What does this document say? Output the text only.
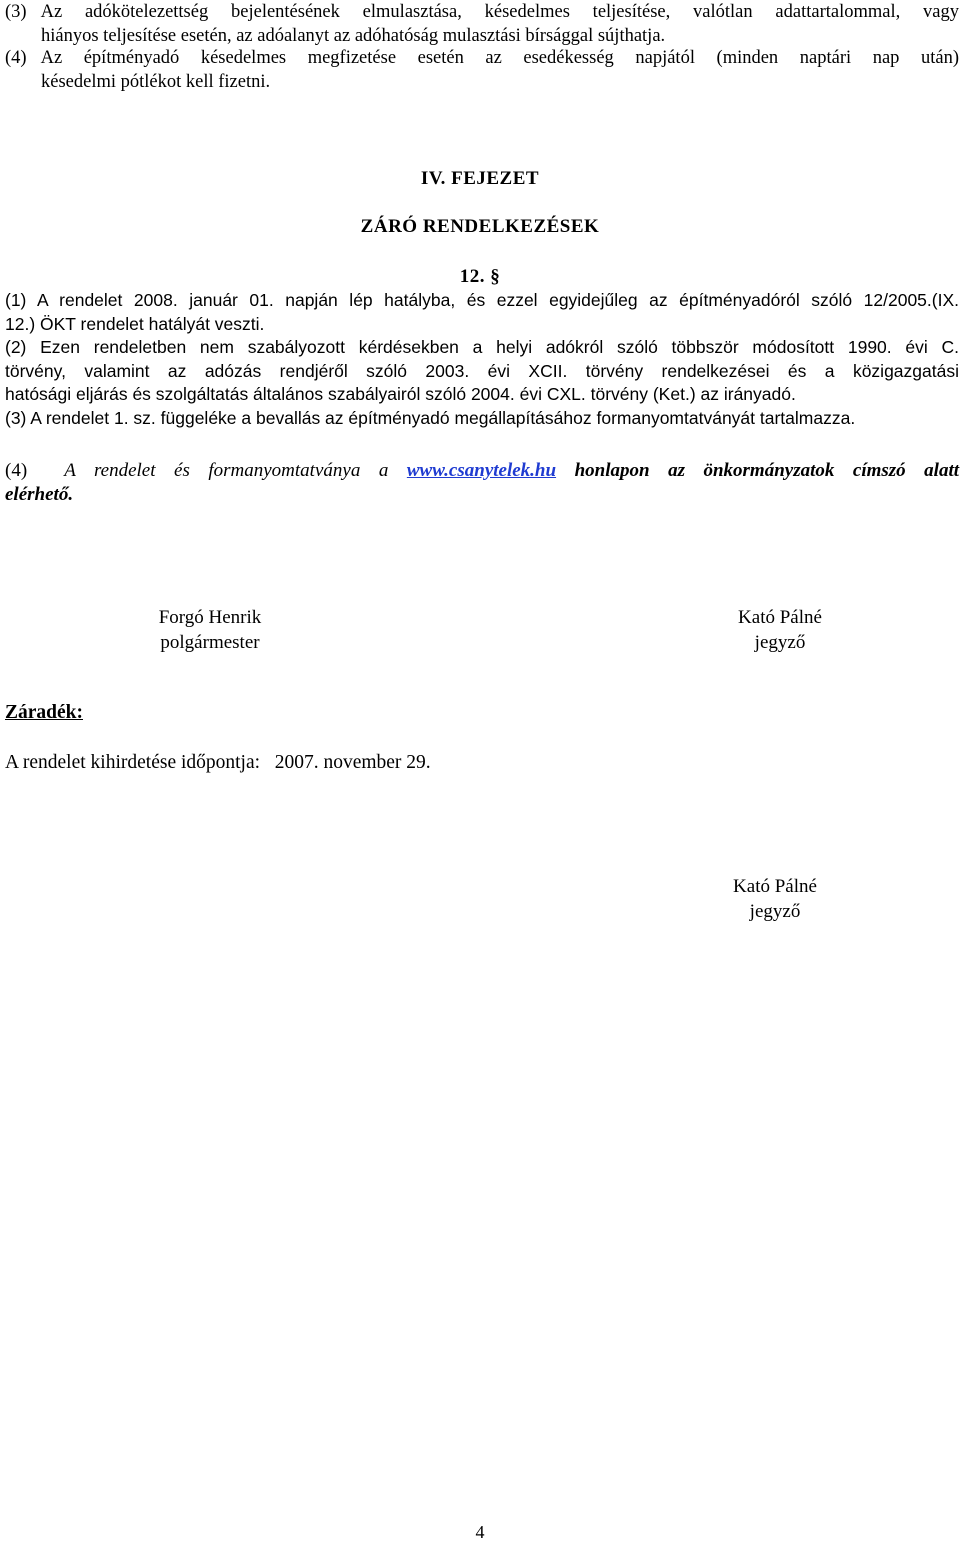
(3) Az adókötelezettség bejelentésének elmulasztása, késedelmes teljesítése, valótlan adattartalommal, vagy
hiányos teljesítése esetén, az adóalanyt az adóhatóság mulasztási bírsággal sújthatja.
(4) Az építményadó késedelmes megfizetése esetén az esedékesség napjától (minden naptári nap után)
késedelmi pótlékot kell fizetni.
IV. FEJEZET
ZÁRÓ RENDELKEZÉSEK
12. §
(1) A rendelet 2008. január 01. napján lép hatályba, és ezzel egyidejűleg az építményadóról szóló 12/2005.(IX.
12.) ÖKT rendelet hatályát veszti.
(2) Ezen rendeletben nem szabályozott kérdésekben a helyi adókról szóló többször módosított 1990. évi C.
törvény, valamint az adózás rendjéről szóló 2003. évi XCII. törvény rendelkezései és a közigazgatási
hatósági eljárás és szolgáltatás általános szabályairól szóló 2004. évi CXL. törvény (Ket.) az irányadó.
(3) A rendelet 1. sz. függeléke a bevallás az építményadó megállapításához formanyomtatványát tartalmazza.
(4)  A rendelet és formanyomtatványa a www.csanytelek.hu honlapon az önkormányzatok címszó alatt
elérhető.
Forgó Henrik
polgármester
Kató Pálné
jegyző
Záradék:
A rendelet kihirdetése időpontja: 2007. november 29.
Kató Pálné
jegyző
4
